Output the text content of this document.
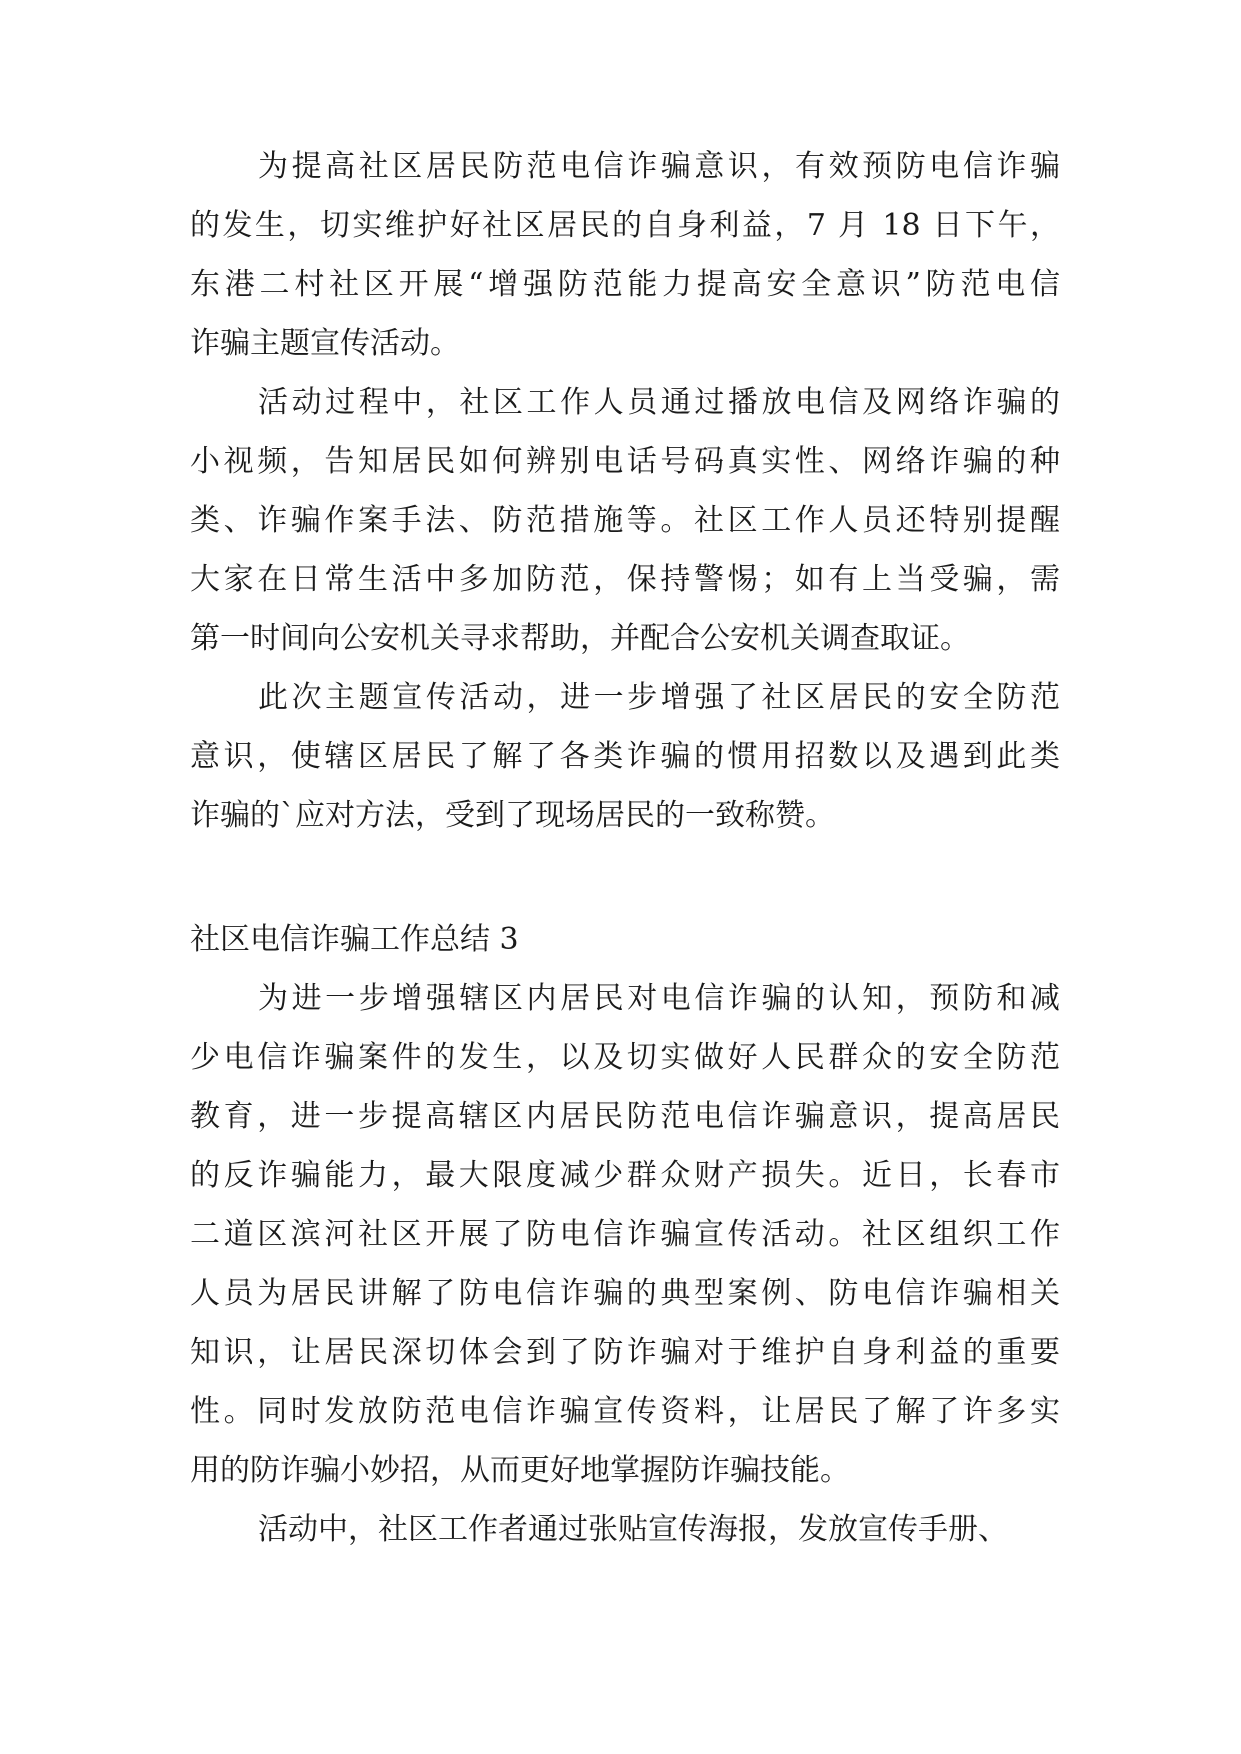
为提高社区居民防范电信诈骗意识，有效预防电信诈骗
的发生，切实维护好社区居民的自身利益，7 月 18 日下午，
东港二村社区开展“增强防范能力提高安全意识”防范电信
诈骗主题宣传活动。
活动过程中，社区工作人员通过播放电信及网络诈骗的
小视频，告知居民如何辨别电话号码真实性、网络诈骗的种
类、诈骗作案手法、防范措施等。社区工作人员还特别提醒
大家在日常生活中多加防范，保持警惕；如有上当受骗，需
第一时间向公安机关寻求帮助，并配合公安机关调查取证。
此次主题宣传活动，进一步增强了社区居民的安全防范
意识，使辖区居民了解了各类诈骗的惯用招数以及遇到此类
诈骗的`应对方法，受到了现场居民的一致称赞。
社区电信诈骗工作总结 3
为进一步增强辖区内居民对电信诈骗的认知，预防和减
少电信诈骗案件的发生，以及切实做好人民群众的安全防范
教育，进一步提高辖区内居民防范电信诈骗意识，提高居民
的反诈骗能力，最大限度减少群众财产损失。近日，长春市
二道区滨河社区开展了防电信诈骗宣传活动。社区组织工作
人员为居民讲解了防电信诈骗的典型案例、防电信诈骗相关
知识，让居民深切体会到了防诈骗对于维护自身利益的重要
性。同时发放防范电信诈骗宣传资料，让居民了解了许多实
用的防诈骗小妙招，从而更好地掌握防诈骗技能。
活动中，社区工作者通过张贴宣传海报，发放宣传手册、
